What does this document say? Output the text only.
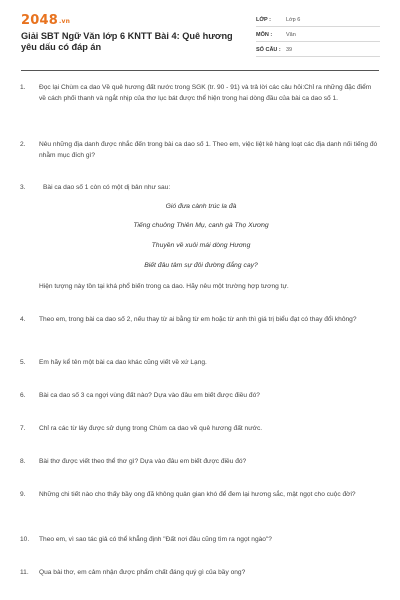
2048.vn
Giải SBT Ngữ Văn lớp 6 KNTT Bài 4: Quê hương yêu dấu có đáp án
LỚP :	Lớp 6
MÔN :	Văn
SỐ CÂU : 39
1. Đọc lại Chùm ca dao Về quê hương đất nước trong SGK (tr. 90 - 91) và trả lời các câu hỏi:Chỉ ra những đặc điểm về cách phối thanh và ngắt nhịp của thơ lục bát được thể hiện trong hai dòng đầu của bài ca dao số 1.
2. Nêu những địa danh được nhắc đến trong bài ca dao số 1. Theo em, việc liệt kê hàng loạt các địa danh nối tiếng đó nhằm mục đích gì?
3.	Bài ca dao số 1 còn có một dị bản như sau:
Gió đưa cành trúc la đà
Tiếng chuông Thiên Mụ, canh gà Thọ Xương
Thuyền về xuôi mái dòng Hương
Biết đâu tâm sự đôi đường đắng cay?
Hiện tượng này tồn tại khá phổ biến trong ca dao. Hãy nêu một trường hợp tương tự.
4. Theo em, trong bài ca dao số 2, nếu thay từ ai bằng từ em hoặc từ anh thì giá trị biểu đạt có thay đổi không?
5. Em hãy kể tên một bài ca dao khác cũng viết về xứ Lạng.
6. Bài ca dao số 3 ca ngợi vùng đất nào? Dựa vào đâu em biết được điều đó?
7. Chỉ ra các từ láy được sử dụng trong Chùm ca dao về quê hương đất nước.
8. Bài thơ được viết theo thể thơ gì? Dựa vào đâu em biết được điều đó?
9. Những chi tiết nào cho thấy bầy ong đã không quản gian khó để đem lại hương sắc, mật ngọt cho cuộc đời?
10. Theo em, vì sao tác giả có thể khẳng định "Đất nơi đâu cũng tìm ra ngọt ngào"?
11. Qua bài thơ, em cảm nhận được phẩm chất đáng quý gì của bầy ong?
